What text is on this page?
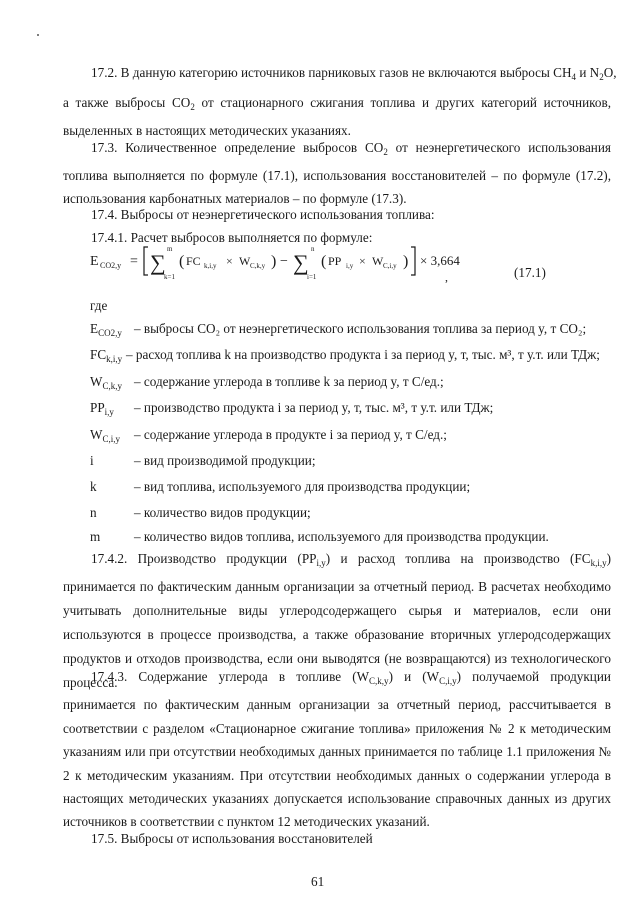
17.2. В данную категорию источников парниковых газов не включаются выбросы $CH_4$ и $N_2O$,

а также выбросы $CO_2$ от стационарного сжигания топлива и других категорий источников, выделенных в настоящих методических указаниях.

17.3. Количественное определение выбросов $CO_2$ от неэнергетического использования топлива выполняется по формуле (17.1), использования восстановителей – по формуле (17.2), использования карбонатных материалов – по формуле (17.3).

17.4. Выбросы от неэнергетического использования топлива:
17.4.1. Расчет выбросов выполняется по формуле:
E CO2,y = ∑
m
k=1
( FC k,i,y × W C,k,y ) − ∑
n
i=1
( PP i,y × W C,i,y ) × 3,664
,	(17.1)
где
$E_{CO2,y}$ – выбросы CO₂ от неэнергетического использования топлива за период y, т CO₂;
$FC_{k,i,y}$ – расход топлива k на производство продукта i за период y, т, тыс. м³, т у.т. или ТДж;
$W_{C,k,y}$ – содержание углерода в топливе k за период y, т С/ед.;
$PP_{i,y}$ – производство продукта i за период y, т, тыс. м³, т у.т. или ТДж;
$W_{C,i,y}$ – содержание углерода в продукте i за период y, т С/ед.;
i	– вид производимой продукции;
k	– вид топлива, используемого для производства продукции;
n	– количество видов продукции;
m	– количество видов топлива, используемого для производства продукции.

17.4.2. Производство продукции $(PP_{i,y})$ и расход топлива на производство $(FC_{k,i,y})$ принимается по фактическим данным организации за отчетный период. В расчетах необходимо учитывать дополнительные виды углеродсодержащего сырья и материалов, если они используются в процессе производства, а также образование вторичных углеродсодержащих продуктов и отходов производства, если они выводятся (не возвращаются) из технологического процесса.

17.4.3. Содержание углерода в топливе $(W_{C,k,y})$ и $(W_{C,i,y})$ получаемой продукции принимается по фактическим данным организации за отчетный период, рассчитывается в соответствии с разделом «Стационарное сжигание топлива» приложения № 2 к методическим указаниям или при отсутствии необходимых данных принимается по таблице 1.1 приложения № 2 к методическим указаниям. При отсутствии необходимых данных о содержании углерода в настоящих методических указаниях допускается использование справочных данных из других источников в соответствии с пунктом 12 методических указаний.

17.5. Выбросы от использования восстановителей
61
